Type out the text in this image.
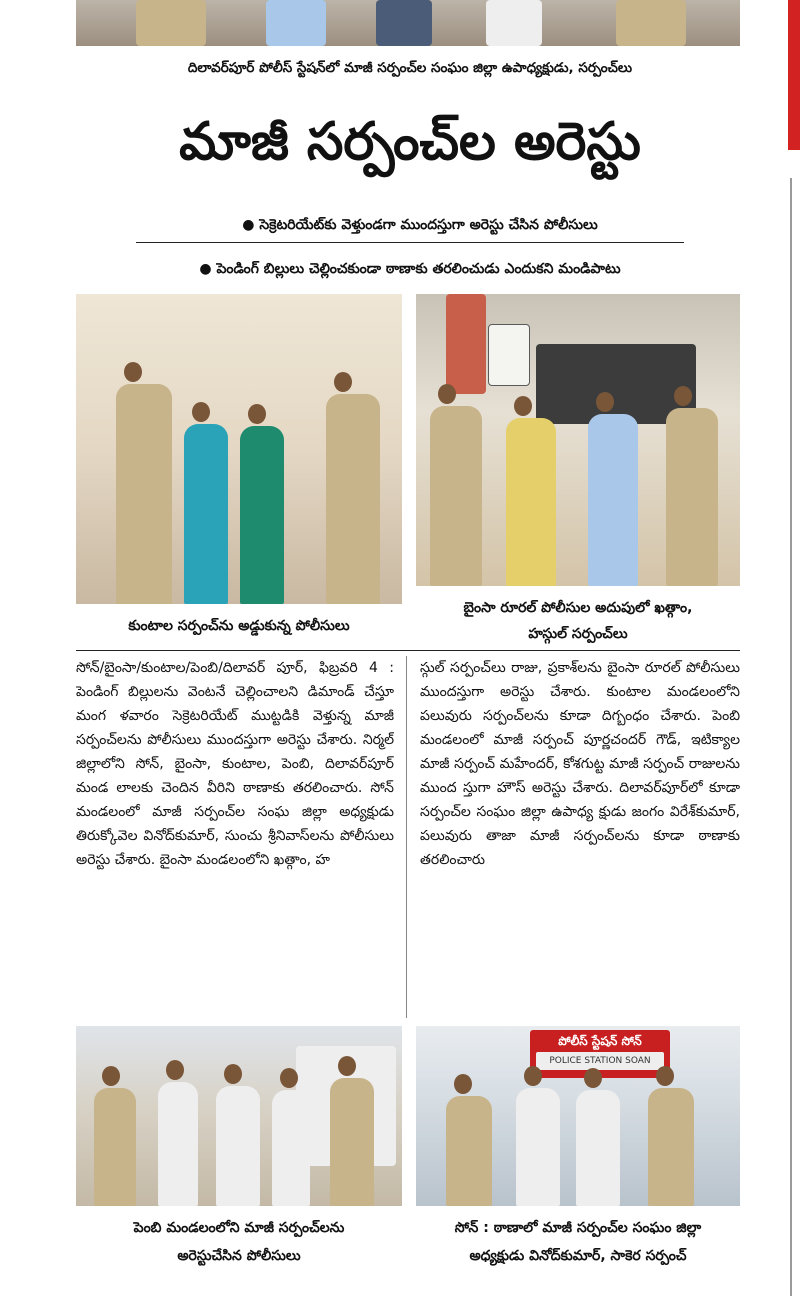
దిలావర్‌పూర్ పోలీస్ స్టేషన్‌లో మాజీ సర్పంచ్‌ల సంఘం జిల్లా ఉపాధ్యక్షుడు, సర్పంచ్‌లు
మాజీ సర్పంచ్‌ల అరెస్టు
● సెక్రెటరియేట్‌కు వెళ్తుండగా ముందస్తుగా అరెస్టు చేసిన పోలీసులు
● పెండింగ్ బిల్లులు చెల్లించకుండా ఠాణాకు తరలించుడు ఎందుకని మండిపాటు
కుంటాల సర్పంచ్‌ను అడ్డుకున్న పోలీసులు
బైంసా రూరల్ పోలీసుల అదుపులో ఖత్గాం,
హస్గుల్ సర్పంచ్‌లు
సోన్/బైంసా/కుంటాల/పెంబి/దిలావర్ పూర్, ఫిబ్రవరి 4 : పెండింగ్ బిల్లులను వెంటనే చెల్లించాలని డిమాండ్ చేస్తూ మంగ ళవారం సెక్రెటరియేట్ ముట్టడికి వెళ్తున్న మాజీ సర్పంచ్‌లను పోలీసులు ముందస్తుగా అరెస్టు చేశారు. నిర్మల్ జిల్లాలోని సోన్, బైంసా, కుంటాల, పెంబి, దిలావర్‌పూర్ మండ లాలకు చెందిన వీరిని ఠాణాకు తరలించారు. సోన్ మండలంలో మాజీ సర్పంచ్‌ల సంఘ జిల్లా అధ్యక్షుడు తిరుక్కోవెల వినోద్‌కుమార్, సుంచు శ్రీనివాస్‌లను పోలీసులు అరెస్టు చేశారు. బైంసా మండలంలోని ఖత్గాం, హ
స్గుల్ సర్పంచ్‌లు రాజు, ప్రకాశ్‌లను బైంసా రూరల్ పోలీసులు ముందస్తుగా అరెస్టు చేశారు. కుంటాల మండలంలోని పలువురు సర్పంచ్‌లను కూడా దిగ్బంధం చేశారు. పెంబి మండలంలో మాజీ సర్పంచ్ పూర్ణచందర్ గౌడ్, ఇటిక్యాల మాజీ సర్పంచ్ మహేందర్, కోశగుట్ట మాజీ సర్పంచ్ రాజులను ముంద స్తుగా హౌస్ అరెస్టు చేశారు. దిలావర్‌పూర్‌లో కూడా సర్పంచ్‌ల సంఘం జిల్లా ఉపాధ్య క్షుడు జంగం విరేశ్‌కుమార్, పలువురు తాజా మాజీ సర్పంచ్‌లను కూడా ఠాణాకు తరలించారు
పెంబి మండలంలోని మాజీ సర్పంచ్‌లను
అరెస్టుచేసిన పోలీసులు
పోలీస్ స్టేషన్ సోన్
POLICE STATION SOAN
సోన్ : ఠాణాలో మాజీ సర్పంచ్‌ల సంఘం జిల్లా
అధ్యక్షుడు వినోద్‌కుమార్, సాకెర సర్పంచ్
